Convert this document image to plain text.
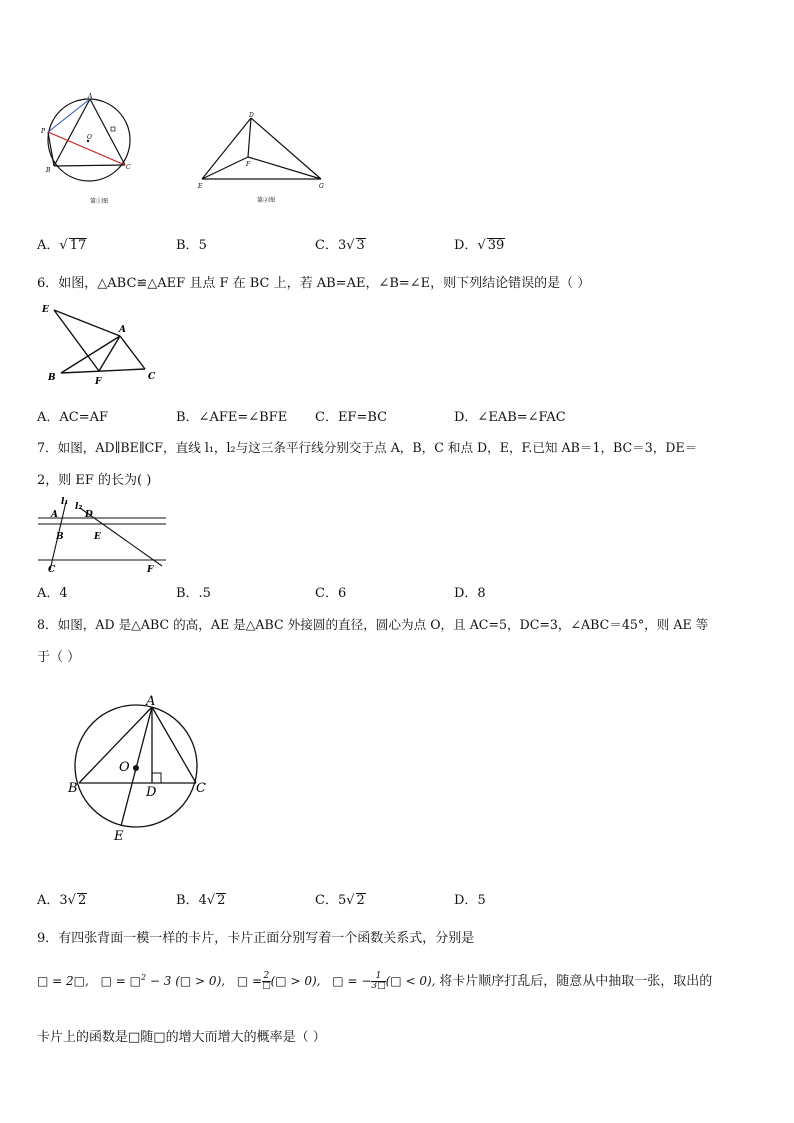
A
P
B	C
O
第①图
D
F
E	G
第②图
A．√ 17	B．5	C．3√ 3	D．√ 39
6．如图，△ABC≌△AEF 且点 F 在 BC 上，若 AB=AE，∠B=∠E，则下列结论错误的是（ ）
E
A
B	F	C
A．AC=AF	B．∠AFE=∠BFE C．EF=BC	D．∠EAB=∠FAC
7．如图，AD∥BE∥CF，直线 l₁，l₂与这三条平行线分别交于点 A，B，C 和点 D，E，F.已知 AB＝1，BC＝3，DE＝
2，则 EF 的长为( )
l₁ l₂
A	D
B	E
C	F
A．4	B．.5	C．6	D．8
8．如图，AD 是△ABC 的高，AE 是△ABC 外接圆的直径，圆心为点 O，且 AC=5，DC=3，∠ABC＝45°，则 AE 等
于（ ）
A
O
B	D	C
E
A．3√ 2	B．4√ 2	C．5√ 2	D．5
9．有四张背面一模一样的卡片，卡片正面分别写着一个函数关系式，分别是
□ = 2□, □ = □$^2$ − 3 (□ > 0), □ = $\frac{2}{□}$ (□ > 0), □ = − $\frac{1}{3□}$ (□ < 0), 将卡片顺序打乱后，随意从中抽取一张，取出的
卡片上的函数是□随□的增大而增大的概率是（ ）
